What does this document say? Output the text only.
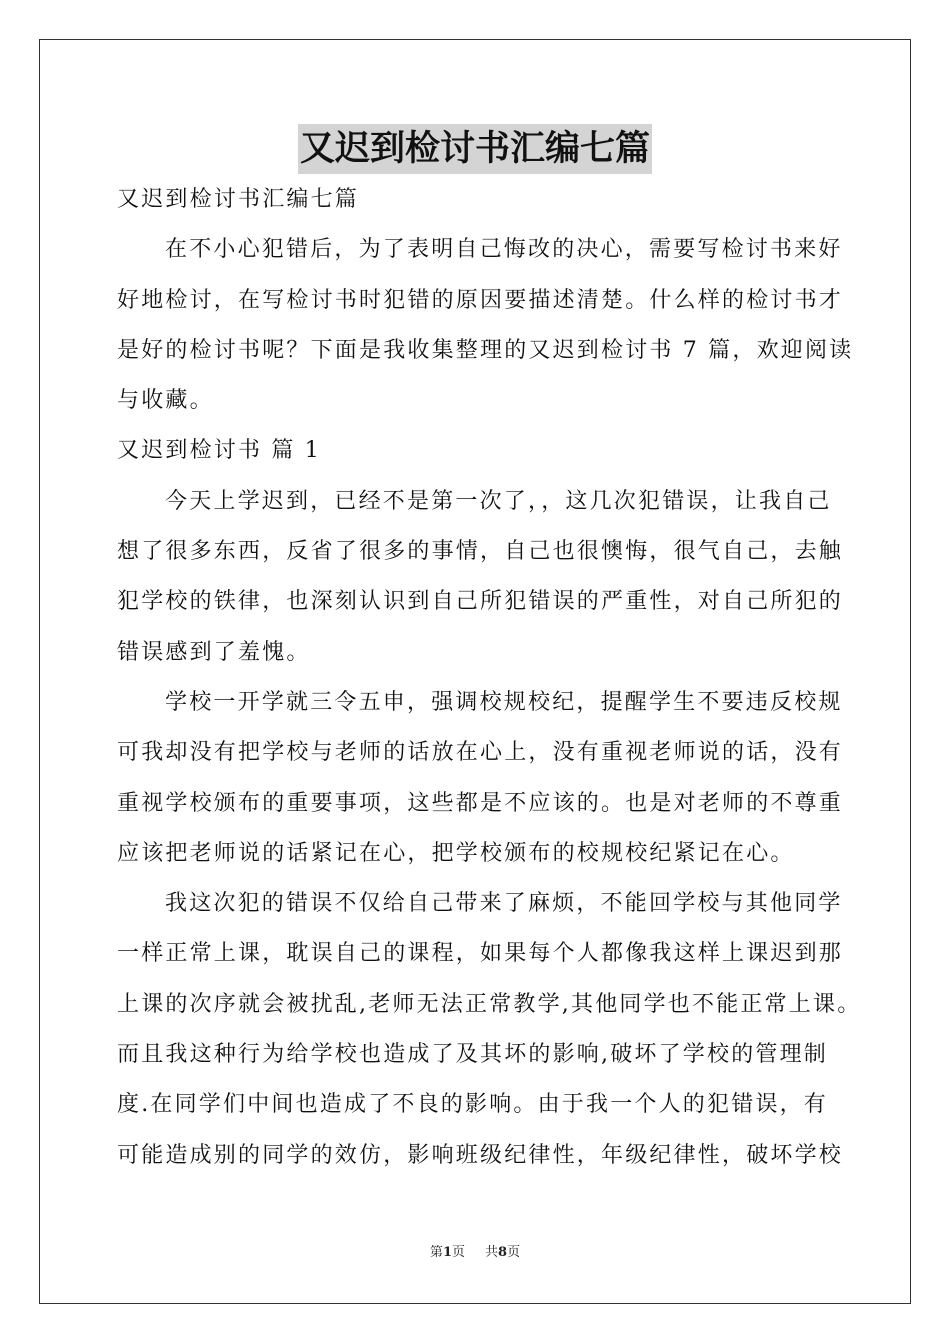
又迟到检讨书汇编七篇
又迟到检讨书汇编七篇
在不小心犯错后，为了表明自己悔改的决心，需要写检讨书来好
好地检讨，在写检讨书时犯错的原因要描述清楚。什么样的检讨书才
是好的检讨书呢？下面是我收集整理的又迟到检讨书 7 篇，欢迎阅读
与收藏。
又迟到检讨书 篇 1
今天上学迟到，已经不是第一次了，，这几次犯错误，让我自己
想了很多东西，反省了很多的事情，自己也很懊悔，很气自己，去触
犯学校的铁律，也深刻认识到自己所犯错误的严重性，对自己所犯的
错误感到了羞愧。
学校一开学就三令五申，强调校规校纪，提醒学生不要违反校规
可我却没有把学校与老师的话放在心上，没有重视老师说的话，没有
重视学校颁布的重要事项，这些都是不应该的。也是对老师的不尊重
应该把老师说的话紧记在心，把学校颁布的校规校纪紧记在心。
我这次犯的错误不仅给自己带来了麻烦，不能回学校与其他同学
一样正常上课，耽误自己的课程，如果每个人都像我这样上课迟到那
上课的次序就会被扰乱,老师无法正常教学,其他同学也不能正常上课。
而且我这种行为给学校也造成了及其坏的影响,破坏了学校的管理制
度.在同学们中间也造成了不良的影响。由于我一个人的犯错误，有
可能造成别的同学的效仿，影响班级纪律性，年级纪律性，破坏学校
第1页 共8页
